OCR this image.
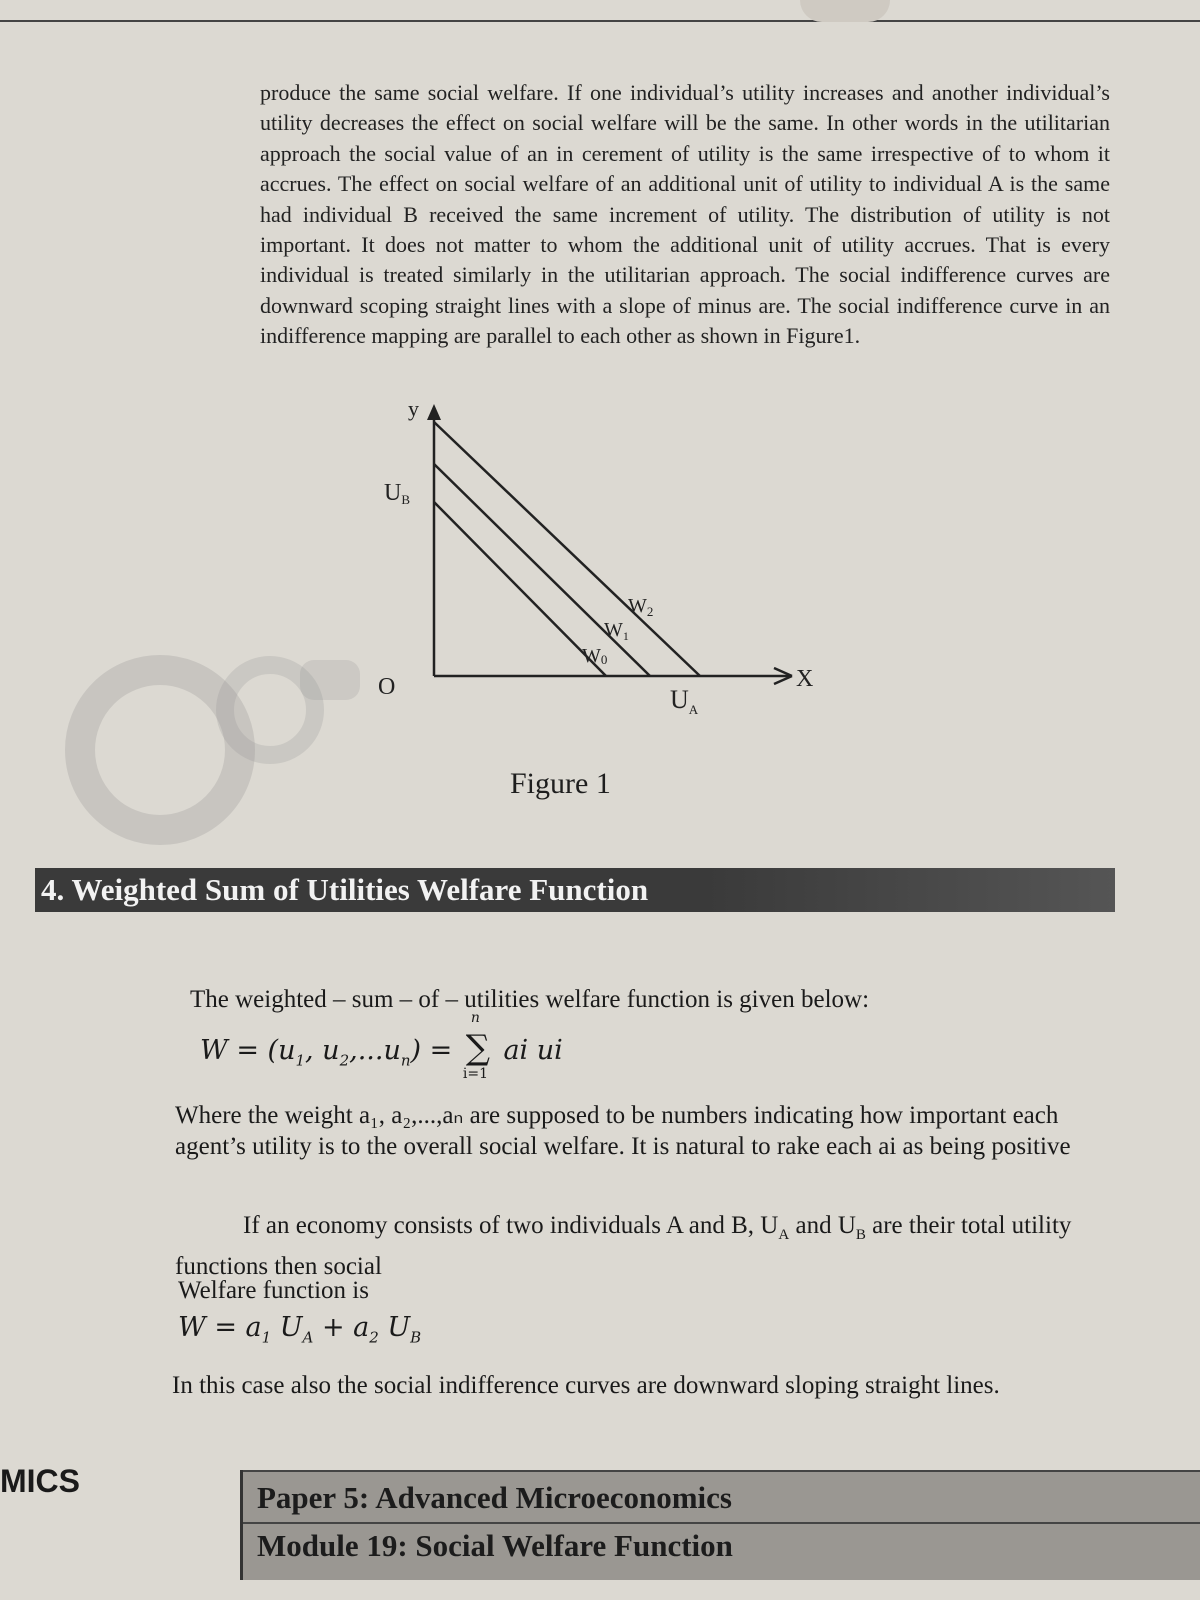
produce the same social welfare. If one individual’s utility increases and another individual’s utility decreases the effect on social welfare will be the same. In other words in the utilitarian approach the social value of an in cerement of utility is the same irrespective of to whom it accrues. The effect on social welfare of an additional unit of utility to individual A is the same had individual B received the same increment of utility. The distribution of utility is not important. It does not matter to whom the additional unit of utility accrues. That is every individual is treated similarly in the utilitarian approach. The social indifference curves are downward scoping straight lines with a slope of minus are. The social indifference curve in an indifference mapping are parallel to each other as shown in Figure1.

y
X
O
UB
$U_A$
$W_2$
$W_1$
W0
Figure 1
4. Weighted Sum of Utilities Welfare Function

The weighted – sum – of – utilities welfare function is given below:

$W = (u_1$, $u_2,...u_n$) =
n
∑
i=1
ai ui

Where the weight a₁, a₂,...,aₙ are supposed to be numbers indicating how important each agent’s utility is to the overall social welfare. It is natural to rake each ai as being positive

If an economy consists of two individuals A and B, $U_A$ and $U_B$ are their total utility functions then social

Welfare function is

$W = a_1$ $U_A + a_2$ $U_B$

In this case also the social indifference curves are downward sloping straight lines.

MICS	Paper 5: Advanced Microeconomics
Module 19: Social Welfare Function
